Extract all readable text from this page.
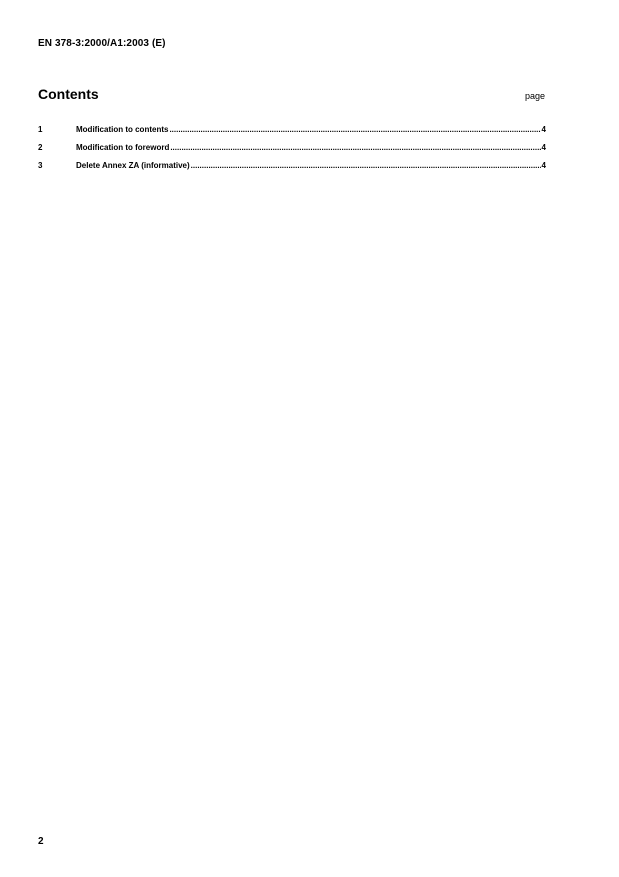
EN 378-3:2000/A1:2003 (E)
Contents	page
1	Modification to contents .....	4
2	Modification to foreword .....	4
3	Delete Annex ZA (informative) .....	4
2
